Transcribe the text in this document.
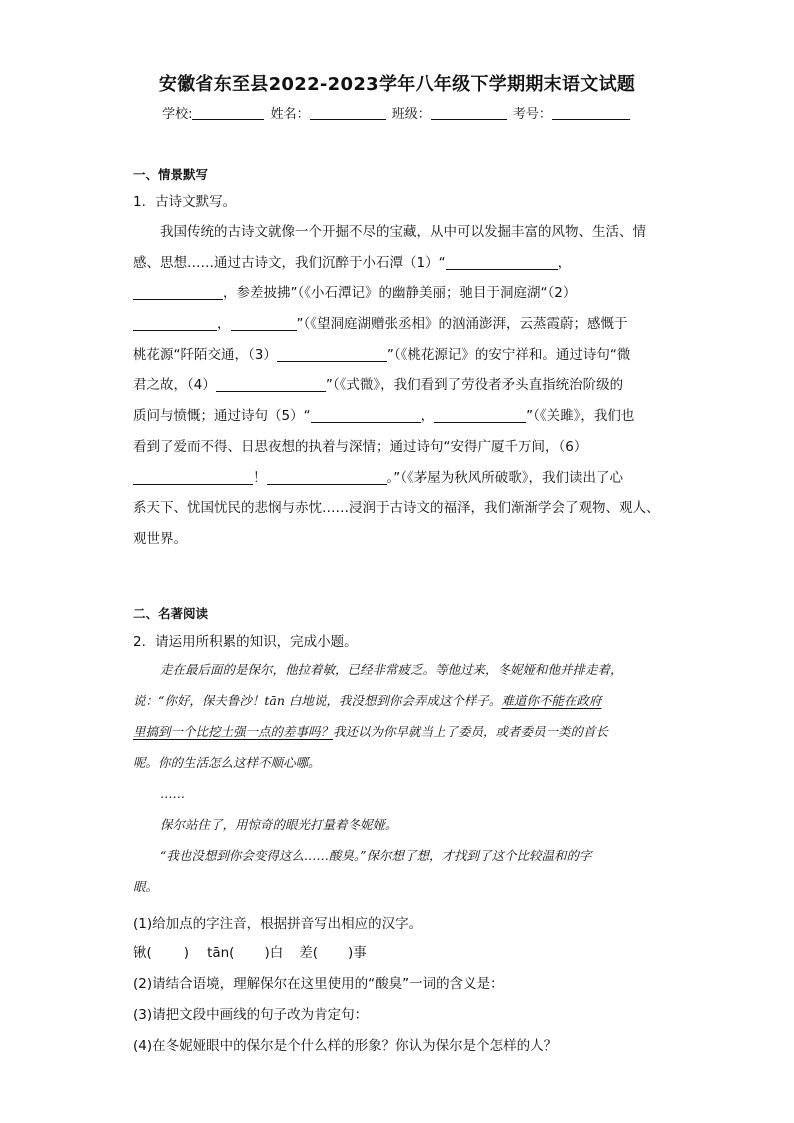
安徽省东至县2022-2023学年八年级下学期期末语文试题
学校:	姓名：	班级：	考号：
一、情景默写
1．古诗文默写。
我国传统的古诗文就像一个开掘不尽的宝藏，从中可以发掘丰富的风物、生活、情
感、思想……通过古诗文，我们沉醉于小石潭（1）“	，
，参差披拂”（《小石潭记》的幽静美丽；驰目于洞庭湖“（2）
，	”（《望洞庭湖赠张丞相》的汹涌澎湃，云蒸霞蔚；感慨于
桃花源“阡陌交通，（3）	”（《桃花源记》的安宁祥和。通过诗句“微
君之故，（4）	”（《式微》，我们看到了劳役者矛头直指统治阶级的
质问与愤慨；通过诗句（5）“	，	”（《关雎》，我们也
看到了爱而不得、日思夜想的执着与深情；通过诗句“安得广厦千万间，（6）
！	。”（《茅屋为秋风所破歌》，我们读出了心
系天下、忧国忧民的悲悯与赤忱……浸润于古诗文的福泽，我们渐渐学会了观物、观人、
观世界。
二、名著阅读
2．请运用所积累的知识，完成小题。
走在最后面的是保尔，他拉着敏，已经非常疲乏。等他过来，冬妮娅和他并排走着，
说：“你好，保夫鲁沙！tān 白地说，我没想到你会弄成这个样子。难道你不能在政府
里搞到一个比挖土强一点的差事吗？我还以为你早就当上了委员，或者委员一类的首长
呢。你的生活怎么这样不顺心哪。
……
保尔站住了，用惊奇的眼光打量着冬妮娅。
“我也没想到你会变得这么……酸臭。”保尔想了想，才找到了这个比较温和的字
眼。
(1)给加点的字注音，根据拼音写出相应的汉字。
锹( ) tān( )白 差( )事
(2)请结合语境，理解保尔在这里使用的“酸臭”一词的含义是：
(3)请把文段中画线的句子改为肯定句：
(4)在冬妮娅眼中的保尔是个什么样的形象？你认为保尔是个怎样的人？
